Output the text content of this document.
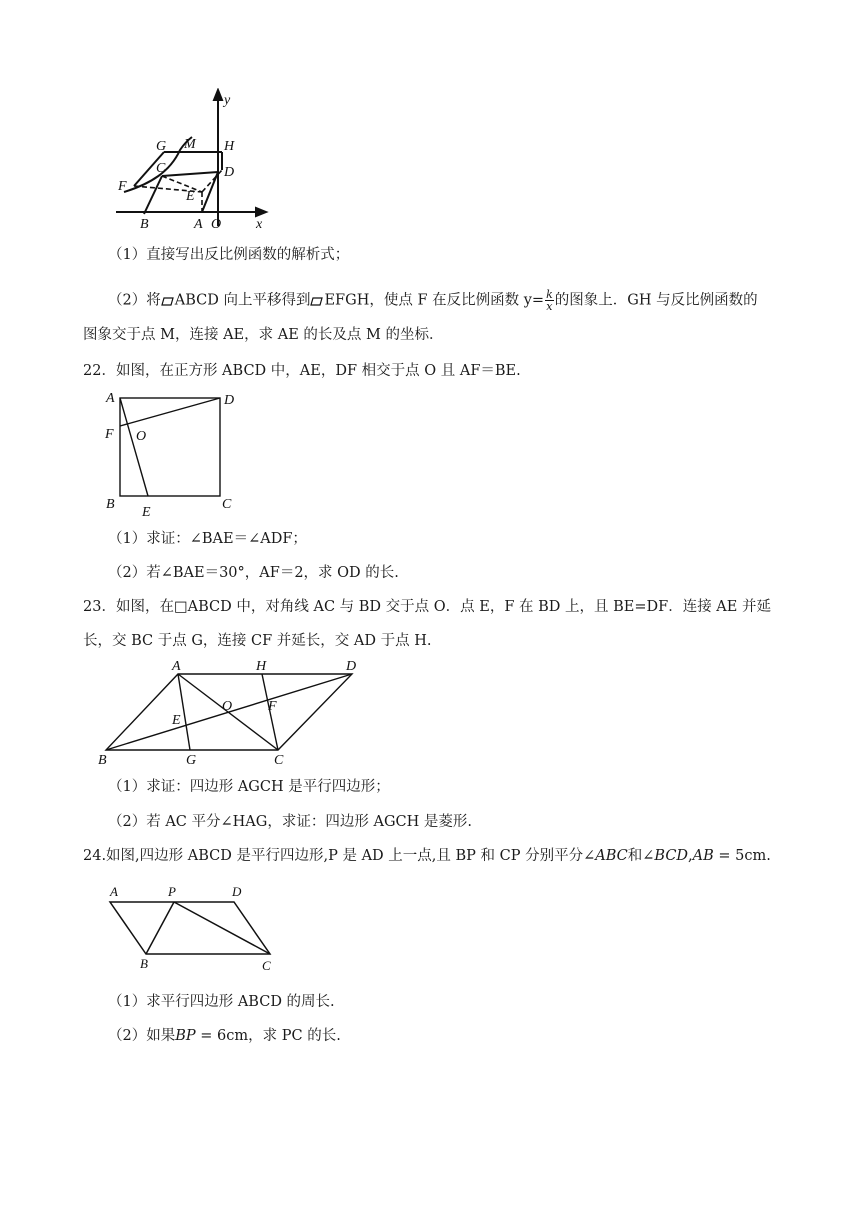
y
x
G M H
C	D
F
E
B	A O
（1）直接写出反比例函数的解析式；
（2）将 ABCD 向上平移得到 EFGH，使点 F 在反比例函数 $y= \frac{k}{x}$ 的图象上．GH 与反比例函数的
图象交于点 M，连接 AE，求 AE 的长及点 M 的坐标．
22．如图，在正方形 ABCD 中，AE，DF 相交于点 O 且 AF＝BE.
A	D
F O
B
E
C
（1）求证：∠BAE＝∠ADF；
（2）若∠BAE＝30°，AF＝2，求 OD 的长.
23．如图，在□ABCD 中，对角线 AC 与 BD 交于点 O．点 E，F 在 BD 上，且 BE=DF．连接 AE 并延
长，交 BC 于点 G，连接 CF 并延长，交 AD 于点 H.
A	H	D
O	F
E
B	G	C
（1）求证：四边形 AGCH 是平行四边形；
（2）若 AC 平分∠HAG，求证：四边形 AGCH 是菱形.
24.如图,四边形 ABCD 是平行四边形,P 是 AD 上一点,且 BP 和 CP 分别平分∠ABC和∠BCD,AB = 5cm.
A	P	D
B	C
（1）求平行四边形 ABCD 的周长.
（2）如果BP = 6cm，求 PC 的长.
